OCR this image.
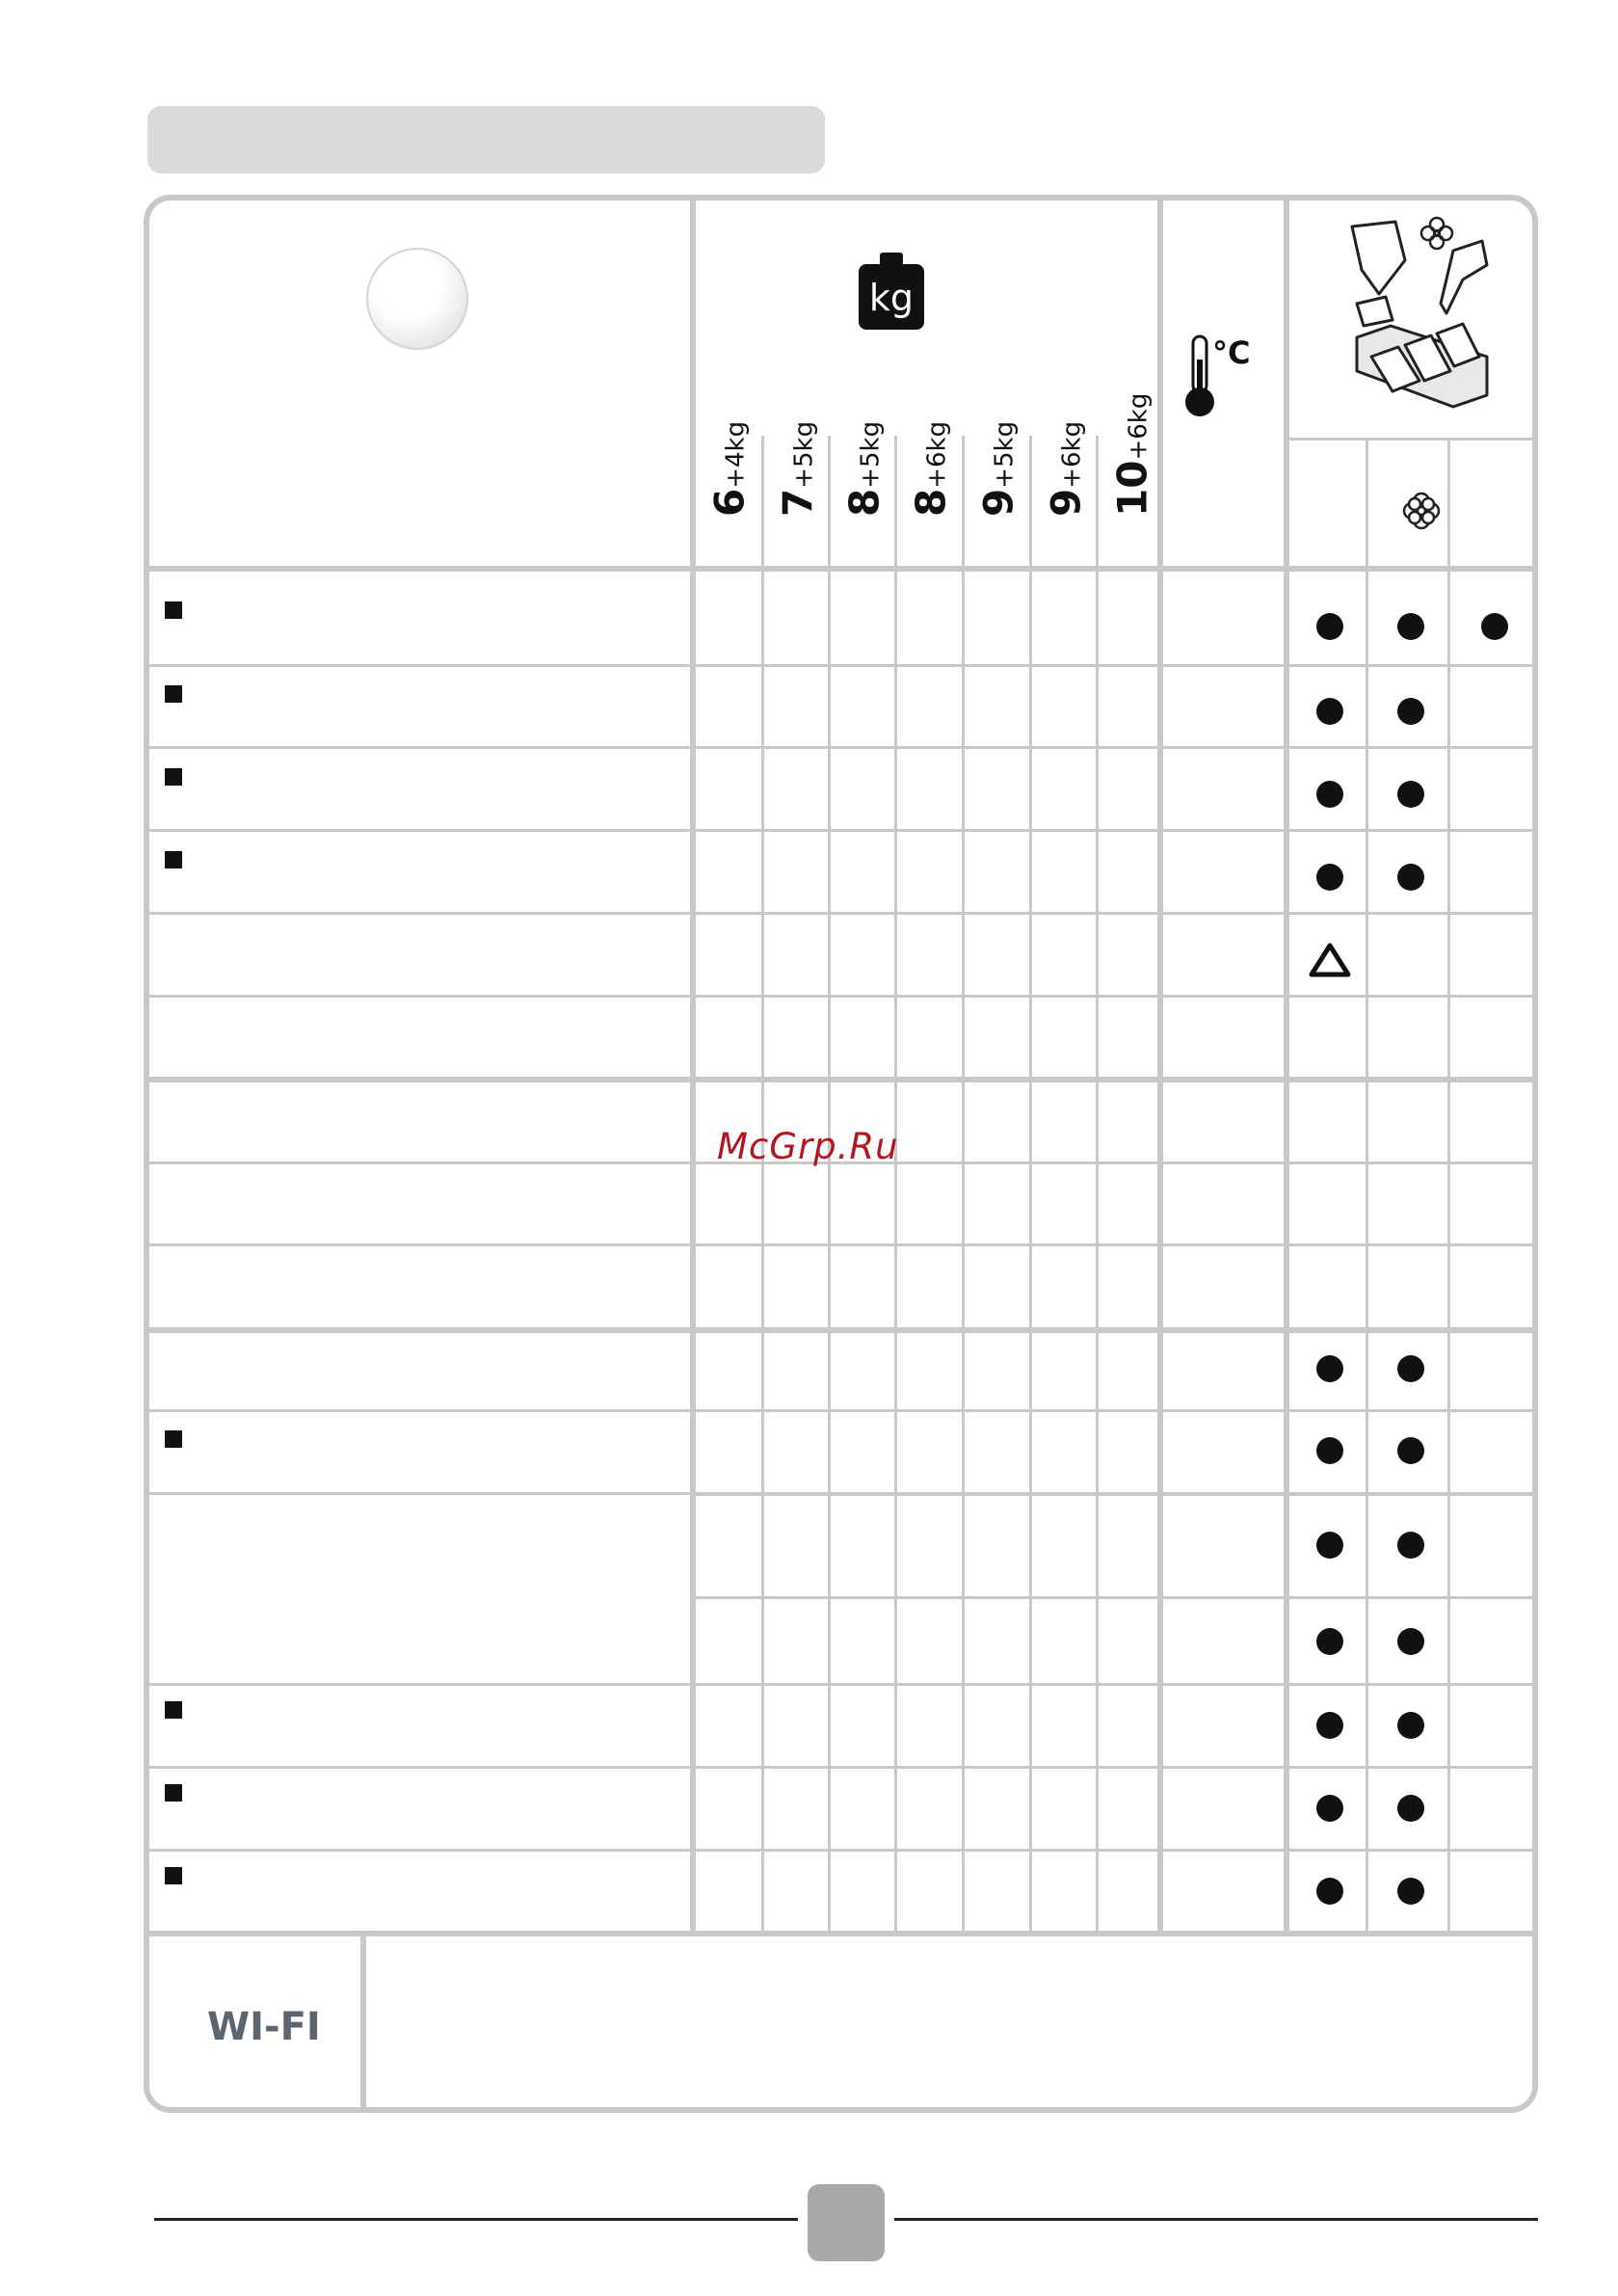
kg
°C
6+4kg
7+5kg
8+5kg
8+6kg
9+5kg
9+6kg
10+6kg
WI-FI
McGrp.Ru
